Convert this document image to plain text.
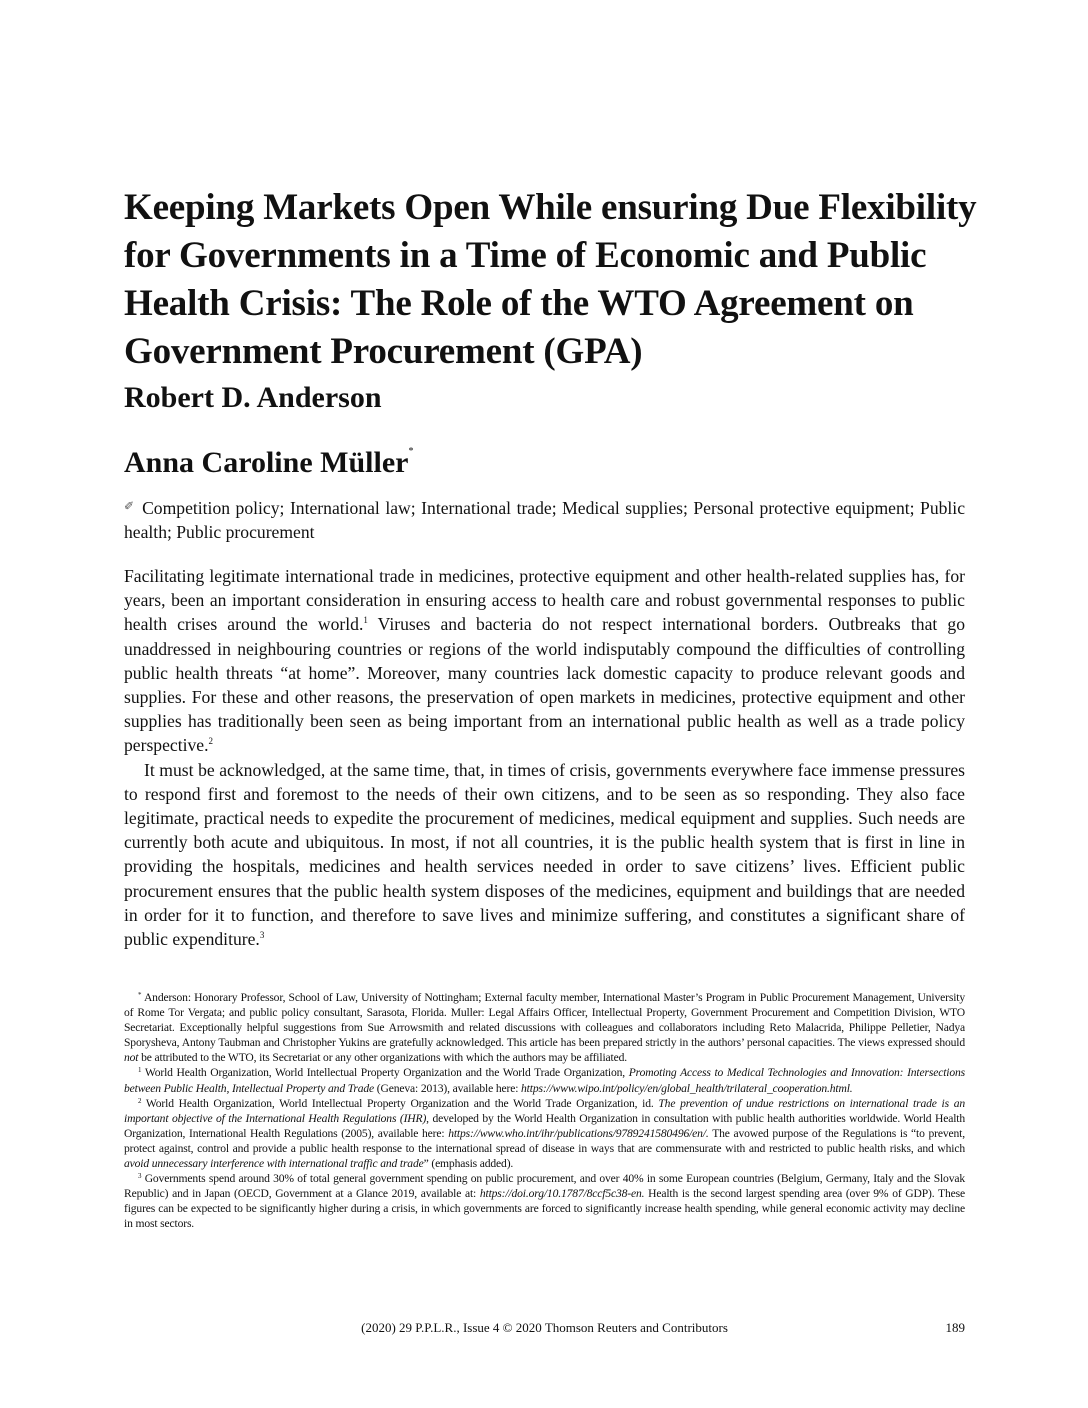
Keeping Markets Open While ensuring Due Flexibility for Governments in a Time of Economic and Public Health Crisis: The Role of the WTO Agreement on Government Procurement (GPA)

Robert D. Anderson

Anna Caroline Müller*

✐ Competition policy; International law; International trade; Medical supplies; Personal protective equipment; Public health; Public procurement

Facilitating legitimate international trade in medicines, protective equipment and other health-related supplies has, for years, been an important consideration in ensuring access to health care and robust governmental responses to public health crises around the world.$^1$ Viruses and bacteria do not respect international borders. Outbreaks that go unaddressed in neighbouring countries or regions of the world indisputably compound the difficulties of controlling public health threats “at home”. Moreover, many countries lack domestic capacity to produce relevant goods and supplies. For these and other reasons, the preservation of open markets in medicines, protective equipment and other supplies has traditionally been seen as being important from an international public health as well as a trade policy perspective.$^2$

It must be acknowledged, at the same time, that, in times of crisis, governments everywhere face immense pressures to respond first and foremost to the needs of their own citizens, and to be seen as so responding. They also face legitimate, practical needs to expedite the procurement of medicines, medical equipment and supplies. Such needs are currently both acute and ubiquitous. In most, if not all countries, it is the public health system that is first in line in providing the hospitals, medicines and health services needed in order to save citizens’ lives. Efficient public procurement ensures that the public health system disposes of the medicines, equipment and buildings that are needed in order for it to function, and therefore to save lives and minimize suffering, and constitutes a significant share of public expenditure.$^3$

* Anderson: Honorary Professor, School of Law, University of Nottingham; External faculty member, International Master’s Program in Public Procurement Management, University of Rome Tor Vergata; and public policy consultant, Sarasota, Florida. Muller: Legal Affairs Officer, Intellectual Property, Government Procurement and Competition Division, WTO Secretariat. Exceptionally helpful suggestions from Sue Arrowsmith and related discussions with colleagues and collaborators including Reto Malacrida, Philippe Pelletier, Nadya Sporysheva, Antony Taubman and Christopher Yukins are gratefully acknowledged. This article has been prepared strictly in the authors’ personal capacities. The views expressed should not be attributed to the WTO, its Secretariat or any other organizations with which the authors may be affiliated.

$^1$ World Health Organization, World Intellectual Property Organization and the World Trade Organization, Promoting Access to Medical Technologies and Innovation: Intersections between Public Health, Intellectual Property and Trade (Geneva: 2013), available here: https://www.wipo.int/policy/en/global_health/trilateral_cooperation.html.

$^2$ World Health Organization, World Intellectual Property Organization and the World Trade Organization, id. The prevention of undue restrictions on international trade is an important objective of the International Health Regulations (IHR), developed by the World Health Organization in consultation with public health authorities worldwide. World Health Organization, International Health Regulations (2005), available here: https://www.who.int/ihr/publications/9789241580496/en/. The avowed purpose of the Regulations is “to prevent, protect against, control and provide a public health response to the international spread of disease in ways that are commensurate with and restricted to public health risks, and which avoid unnecessary interference with international traffic and trade” (emphasis added).

$^3$ Governments spend around 30% of total general government spending on public procurement, and over 40% in some European countries (Belgium, Germany, Italy and the Slovak Republic) and in Japan (OECD, Government at a Glance 2019, available at: https://doi.org/10.1787/8ccf5c38-en. Health is the second largest spending area (over 9% of GDP). These figures can be expected to be significantly higher during a crisis, in which governments are forced to significantly increase health spending, while general economic activity may decline in most sectors.

(2020) 29 P.P.L.R., Issue 4 © 2020 Thomson Reuters and Contributors	189
